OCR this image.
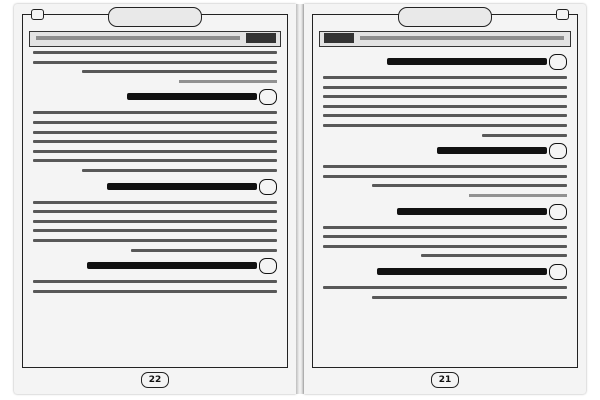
22
	21
